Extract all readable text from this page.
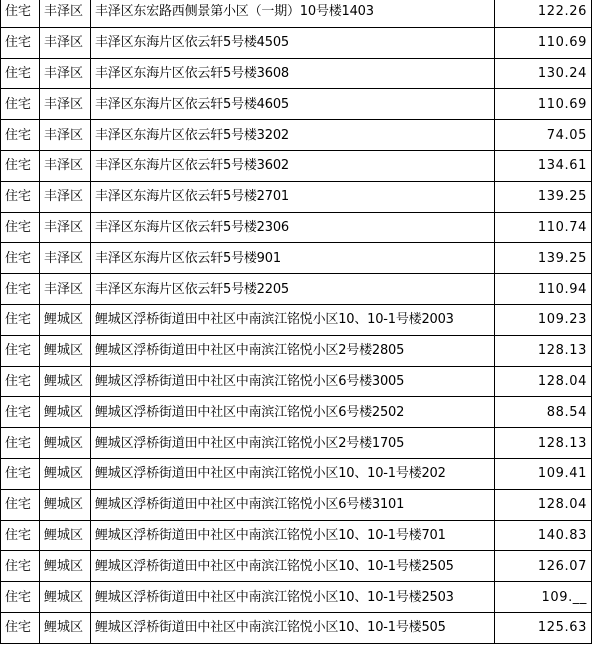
住宅	丰泽区	丰泽区东宏路西侧景第小区（一期）10号楼1403	122.26
住宅	丰泽区	丰泽区东海片区依云轩5号楼4505	110.69
住宅	丰泽区	丰泽区东海片区依云轩5号楼3608	130.24
住宅	丰泽区	丰泽区东海片区依云轩5号楼4605	110.69
住宅	丰泽区	丰泽区东海片区依云轩5号楼3202	74.05
住宅	丰泽区	丰泽区东海片区依云轩5号楼3602	134.61
住宅	丰泽区	丰泽区东海片区依云轩5号楼2701	139.25
住宅	丰泽区	丰泽区东海片区依云轩5号楼2306	110.74
住宅	丰泽区	丰泽区东海片区依云轩5号楼901	139.25
住宅	丰泽区	丰泽区东海片区依云轩5号楼2205	110.94
住宅	鲤城区	鲤城区浮桥街道田中社区中南滨江铭悦小区10、10-1号楼2003	109.23
住宅	鲤城区	鲤城区浮桥街道田中社区中南滨江铭悦小区2号楼2805	128.13
住宅	鲤城区	鲤城区浮桥街道田中社区中南滨江铭悦小区6号楼3005	128.04
住宅	鲤城区	鲤城区浮桥街道田中社区中南滨江铭悦小区6号楼2502	88.54
住宅	鲤城区	鲤城区浮桥街道田中社区中南滨江铭悦小区2号楼1705	128.13
住宅	鲤城区	鲤城区浮桥街道田中社区中南滨江铭悦小区10、10-1号楼202	109.41
住宅	鲤城区	鲤城区浮桥街道田中社区中南滨江铭悦小区6号楼3101	128.04
住宅	鲤城区	鲤城区浮桥街道田中社区中南滨江铭悦小区10、10-1号楼701	140.83
住宅	鲤城区	鲤城区浮桥街道田中社区中南滨江铭悦小区10、10-1号楼2505	126.07
住宅	鲤城区	鲤城区浮桥街道田中社区中南滨江铭悦小区10、10-1号楼2503	109.__
住宅	鲤城区	鲤城区浮桥街道田中社区中南滨江铭悦小区10、10-1号楼505	125.63
